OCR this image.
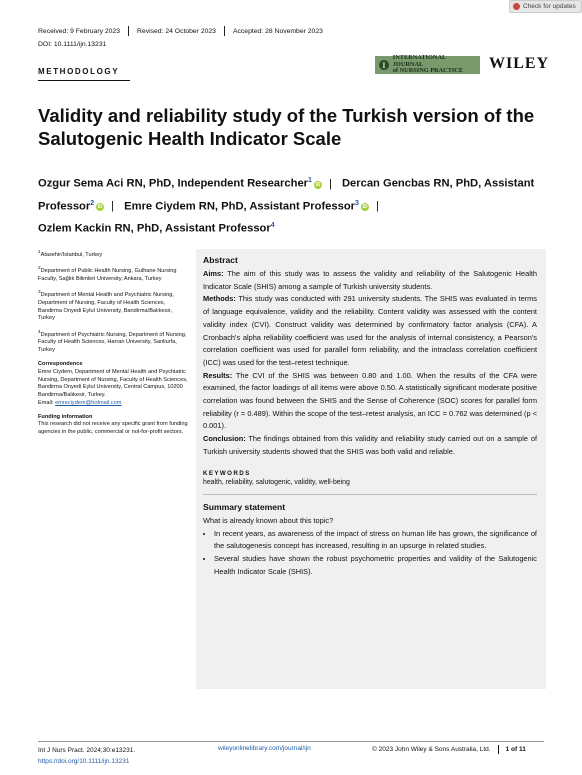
Check for updates
Received: 9 February 2023	Revised: 24 October 2023	Accepted: 28 November 2023
DOI: 10.1111/ijn.13231
METHODOLOGY
I
INTERNATIONAL JOURNAL
of NURSING PRACTICE	WILEY
Validity and reliability study of the Turkish version of the Salutogenic Health Indicator Scale
Ozgur Sema Aci RN, PhD, Independent Researcher$^1$iD | Dercan Gencbas RN, PhD, Assistant Professor$^2$iD | Emre Ciydem RN, PhD, Assistant Professor$^3$iD |
Ozlem Kackin RN, PhD, Assistant Professor$^4$

$^1$Atasehir/Istanbul, Turkey

$^2$Department of Public Health Nursing, Gulhane Nursing Faculty, Sağlık Bilimleri University, Ankara, Turkey

$^3$Department of Mental Health and Psychiatric Nursing, Department of Nursing, Faculty of Health Sciences, Bandirma Onyedi Eylul University, Bandirma/Balıkesir, Turkey

$^4$Department of Psychiatric Nursing, Department of Nursing, Faculty of Health Sciences, Harran University, Sanliurfa, Turkey

Correspondence

Emre Ciydem, Department of Mental Health and Psychiatric Nursing, Department of Nursing, Faculty of Health Sciences, Bandirma Onyedi Eylul University, Central Campus, 10200 Bandirma/Balıkesir, Turkey.
Email: emreciydem@hotmail.com

Funding information

This research did not receive any specific grant from funding agencies in the public, commercial or not-for-profit sectors.

Abstract

Aims: The aim of this study was to assess the validity and reliability of the Salutogenic Health Indicator Scale (SHIS) among a sample of Turkish university students.

Methods: This study was conducted with 291 university students. The SHIS was evaluated in terms of language equivalence, validity and the reliability. Content validity was assessed with the content validity index (CVI). Construct validity was determined by confirmatory factor analysis (CFA). A Cronbach's alpha reliability coefficient was used for the analysis of internal consistency, a Pearson's correlation coefficient was used for parallel form reliability, and the intraclass correlation coefficient (ICC) was used for the test–retest technique.

Results: The CVI of the SHIS was between 0.80 and 1.00. When the results of the CFA were examined, the factor loadings of all items were above 0.50. A statistically significant moderate positive correlation was found between the SHIS and the Sense of Coherence (SOC) scores for parallel form reliability (r = 0.489). Within the scope of the test–retest analysis, an ICC = 0.762 was determined (p < 0.001).

Conclusion: The findings obtained from this validity and reliability study carried out on a sample of Turkish university students showed that the SHIS was both valid and reliable.

KEYWORDS
health, reliability, salutogenic, validity, well-being
Summary statement
What is already known about this topic?
• In recent years, as awareness of the impact of stress on human life has grown, the significance of the salutogenesis concept has increased, resulting in an upsurge in related studies.
• Several studies have shown the robust psychometric properties and validity of the Salutogenic Health Indicator Scale (SHIS).
Int J Nurs Pract. 2024;30:e13231.
https://doi.org/10.1111/ijn.13231
wileyonlinelibrary.com/journal/ijn	© 2023 John Wiley & Sons Australia, Ltd. 1 of 11
